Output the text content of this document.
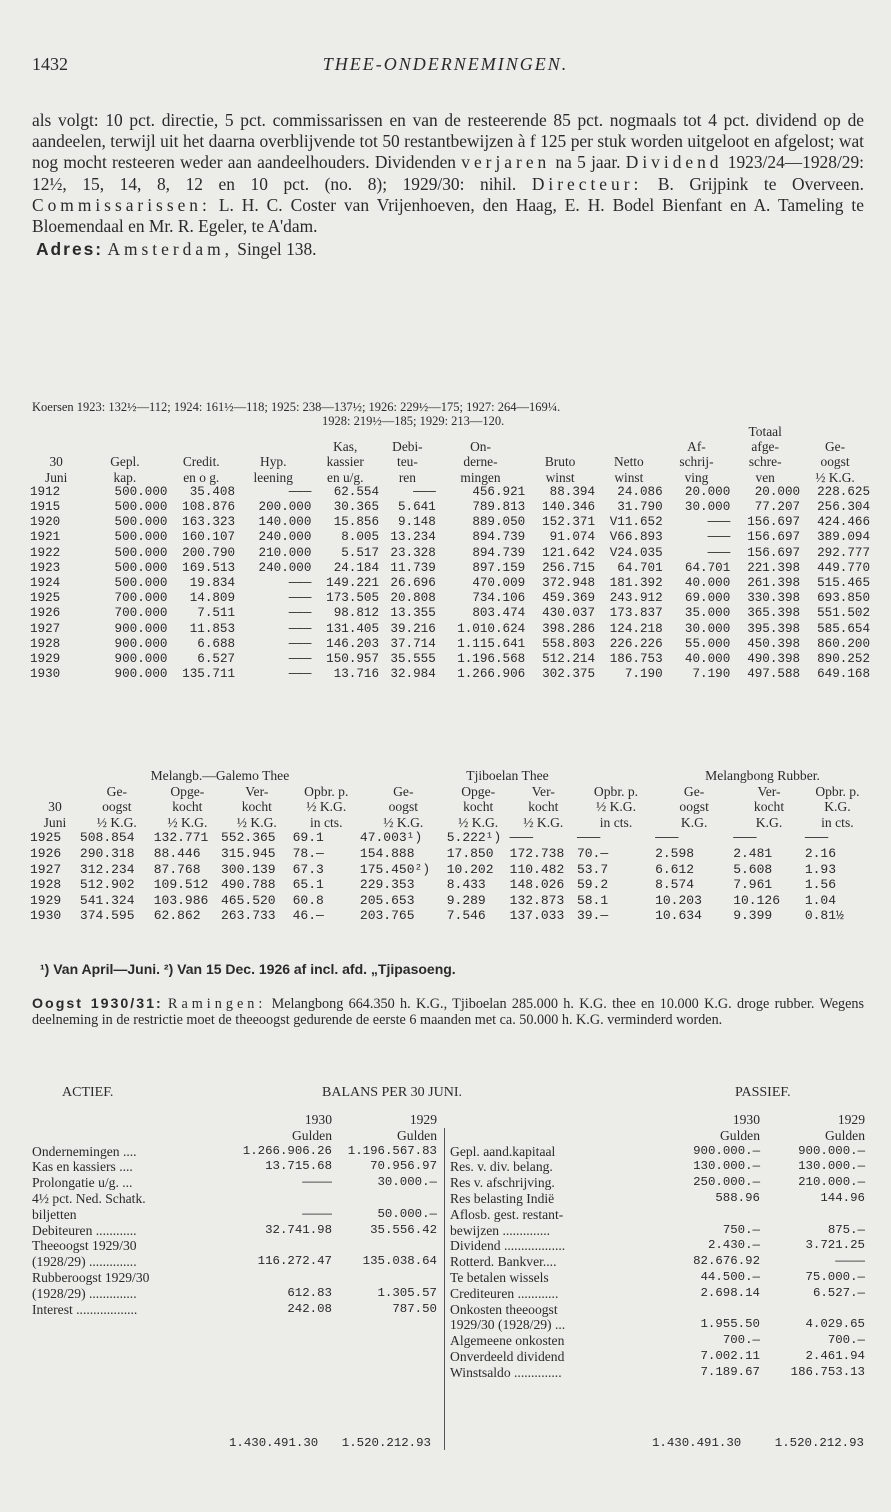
1432	THEE-ONDERNEMINGEN.

als volgt: 10 pct. directie, 5 pct. commissarissen en van de resteerende 85 pct. nogmaals tot 4 pct. dividend op de aandeelen, terwijl uit het daarna overblijvende tot 50 restantbewijzen à f 125 per stuk worden uitgeloot en afgelost; wat nog mocht resteeren weder aan aandeelhouders. Dividenden verjaren na 5 jaar. Dividend 1923/24—1928/29: 12½, 15, 14, 8, 12 en 10 pct. (no. 8); 1929/30: nihil. Directeur: B. Grijpink te Overveen. Commissarissen: L. H. C. Coster van Vrijenhoeven, den Haag, E. H. Bodel Bienfant en A. Tameling te Bloemendaal en Mr. R. Egeler, te A'dam.

Adres: Amsterdam, Singel 138.

Koersen 1923: 132½—112; 1924: 161½—118; 1925: 238—137½; 1926: 229½—175; 1927: 264—169¼.
1928: 219½—185; 1929: 213—120.
										Totaal	
				Kas,	Debi-	On-			Af-	afge-	Ge-
30	Gepl.	Credit.	Hyp.	kassier	teu-	derne-	Bruto	Netto	schrij-	schre-	oogst
Juni	kap.	en o g.	leening	en u/g.	ren	mingen	winst	winst	ving	ven	½ K.G.
1912	500.000	35.408	———	62.554	———	456.921	88.394	24.086	20.000	20.000	228.625
1915	500.000	108.876	200.000	30.365	5.641	789.813	140.346	31.790	30.000	77.207	256.304
1920	500.000	163.323	140.000	15.856	9.148	889.050	152.371	V11.652	———	156.697	424.466
1921	500.000	160.107	240.000	8.005	13.234	894.739	91.074	V66.893	———	156.697	389.094
1922	500.000	200.790	210.000	5.517	23.328	894.739	121.642	V24.035	———	156.697	292.777
1923	500.000	169.513	240.000	24.184	11.739	897.159	256.715	64.701	64.701	221.398	449.770
1924	500.000	19.834	———	149.221	26.696	470.009	372.948	181.392	40.000	261.398	515.465
1925	700.000	14.809	———	173.505	20.808	734.106	459.369	243.912	69.000	330.398	693.850
1926	700.000	7.511	———	98.812	13.355	803.474	430.037	173.837	35.000	365.398	551.502
1927	900.000	11.853	———	131.405	39.216	1.010.624	398.286	124.218	30.000	395.398	585.654
1928	900.000	6.688	———	146.203	37.714	1.115.641	558.803	226.226	55.000	450.398	860.200
1929	900.000	6.527	———	150.957	35.555	1.196.568	512.214	186.753	40.000	490.398	890.252
1930	900.000	135.711	———	13.716	32.984	1.266.906	302.375	7.190	7.190	497.588	649.168
	Melangb.—Galemo Thee				Tjiboelan Thee				Melangbong Rubber.		
	Ge-	Opge-	Ver-	Opbr. p.	Ge-	Opge-	Ver-	Opbr. p.	Ge-	Ver-	Opbr. p.
30	oogst	kocht	kocht	½ K.G.	oogst	kocht	kocht	½ K.G.	oogst	kocht	K.G.
Juni	½ K.G.	½ K.G.	½ K.G.	in cts.	½ K.G.	½ K.G.	½ K.G.	in cts.	K.G.	K.G.	in cts.
1925	508.854	132.771	552.365	69.1	47.003¹)	5.222¹)	———	———	———	———	———
1926	290.318	88.446	315.945	78.—	154.888	17.850	172.738	70.—	2.598	2.481	2.16
1927	312.234	87.768	300.139	67.3	175.450²)	10.202	110.482	53.7	6.612	5.608	1.93
1928	512.902	109.512	490.788	65.1	229.353	8.433	148.026	59.2	8.574	7.961	1.56
1929	541.324	103.986	465.520	60.8	205.653	9.289	132.873	58.1	10.203	10.126	1.04
1930	374.595	62.862	263.733	46.—	203.765	7.546	137.033	39.—	10.634	9.399	0.81½
¹) Van April—Juni. ²) Van 15 Dec. 1926 af incl. afd. „Tjipasoeng.
Oogst 1930/31: Ramingen: Melangbong 664.350 h. K.G., Tjiboelan 285.000 h. K.G. thee en 10.000 K.G. droge rubber. Wegens deelneming in de restrictie moet de theeoogst gedurende de eerste 6 maanden met ca. 50.000 h. K.G. verminderd worden.
ACTIEF.	BALANS PER 30 JUNI.	PASSIEF.
	1930	1929
	Gulden	Gulden
Ondernemingen ....	1.266.906.26	1.196.567.83
Kas en kassiers ....	13.715.68	70.956.97
Prolongatie u/g. ...	————	30.000.—
4½ pct. Ned. Schatk.		
biljetten	————	50.000.—
Debiteuren ............	32.741.98	35.556.42
Theeoogst 1929/30		
(1928/29) ..............	116.272.47	135.038.64
Rubberoogst 1929/30		
(1928/29) ..............	612.83	1.305.57
Interest ..................	242.08	787.50
	1930	1929
	Gulden	Gulden
Gepl. aand.kapitaal	900.000.—	900.000.—
Res. v. div. belang.	130.000.—	130.000.—
Res v. afschrijving.	250.000.—	210.000.—
Res belasting Indië	588.96	144.96
Aflosb. gest. restant-		
bewijzen ..............	750.—	875.—
Dividend ..................	2.430.—	3.721.25
Rotterd. Bankver....	82.676.92	————
Te betalen wissels	44.500.—	75.000.—
Crediteuren ............	2.698.14	6.527.—
Onkosten theeoogst		
1929/30 (1928/29) ...	1.955.50	4.029.65
Algemeene onkosten	700.—	700.—
Onverdeeld dividend	7.002.11	2.461.94
Winstsaldo ..............	7.189.67	186.753.13
1.430.491.30 1.520.212.93	1.430.491.30	1.520.212.93
